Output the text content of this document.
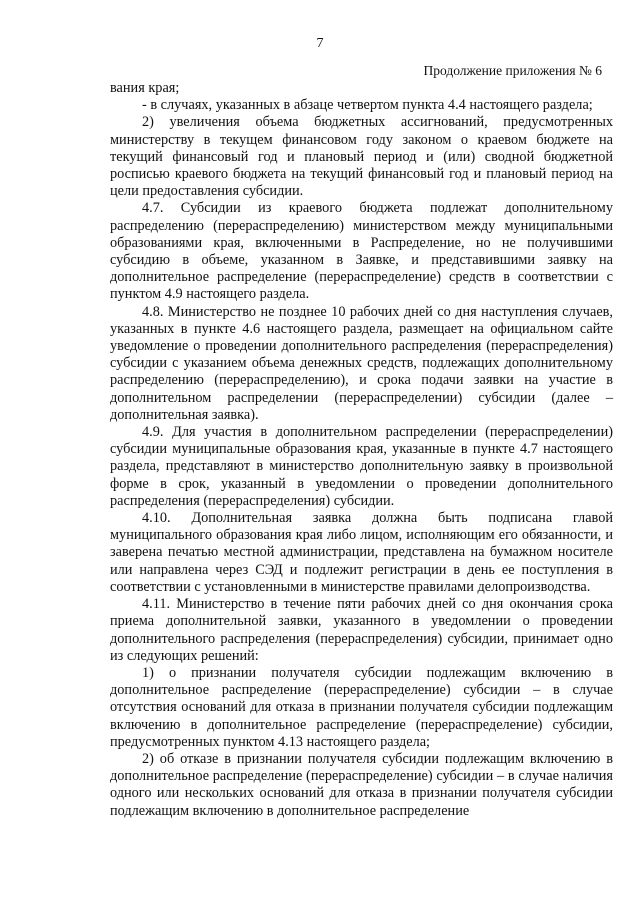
7
Продолжение приложения № 6

вания края;

- в случаях, указанных в абзаце четвертом пункта 4.4 настоящего раздела;

2) увеличения объема бюджетных ассигнований, предусмотренных министерству в текущем финансовом году законом о краевом бюджете на текущий финансовый год и плановый период и (или) сводной бюджетной росписью краевого бюджета на текущий финансовый год и плановый период на цели предоставления субсидии.

4.7. Субсидии из краевого бюджета подлежат дополнительному распределению (перераспределению) министерством между муниципальными образованиями края, включенными в Распределение, но не получившими субсидию в объеме, указанном в Заявке, и представившими заявку на дополнительное распределение (перераспределение) средств в соответствии с пунктом 4.9 настоящего раздела.

4.8. Министерство не позднее 10 рабочих дней со дня наступления случаев, указанных в пункте 4.6 настоящего раздела, размещает на официальном сайте уведомление о проведении дополнительного распределения (перераспределения) субсидии с указанием объема денежных средств, подлежащих дополнительному распределению (перераспределению), и срока подачи заявки на участие в дополнительном распределении (перераспределении) субсидии (далее – дополнительная заявка).

4.9. Для участия в дополнительном распределении (перераспределении) субсидии муниципальные образования края, указанные в пункте 4.7 настоящего раздела, представляют в министерство дополнительную заявку в произвольной форме в срок, указанный в уведомлении о проведении дополнительного распределения (перераспределения) субсидии.

4.10. Дополнительная заявка должна быть подписана главой муниципального образования края либо лицом, исполняющим его обязанности, и заверена печатью местной администрации, представлена на бумажном носителе или направлена через СЭД и подлежит регистрации в день ее поступления в соответствии с установленными в министерстве правилами делопроизводства.

4.11. Министерство в течение пяти рабочих дней со дня окончания срока приема дополнительной заявки, указанного в уведомлении о проведении дополнительного распределения (перераспределения) субсидии, принимает одно из следующих решений:

1) о признании получателя субсидии подлежащим включению в дополнительное распределение (перераспределение) субсидии – в случае отсутствия оснований для отказа в признании получателя субсидии подлежащим включению в дополнительное распределение (перераспределение) субсидии, предусмотренных пунктом 4.13 настоящего раздела;

2) об отказе в признании получателя субсидии подлежащим включению в дополнительное распределение (перераспределение) субсидии – в случае наличия одного или нескольких оснований для отказа в признании получателя субсидии подлежащим включению в дополнительное распределение
